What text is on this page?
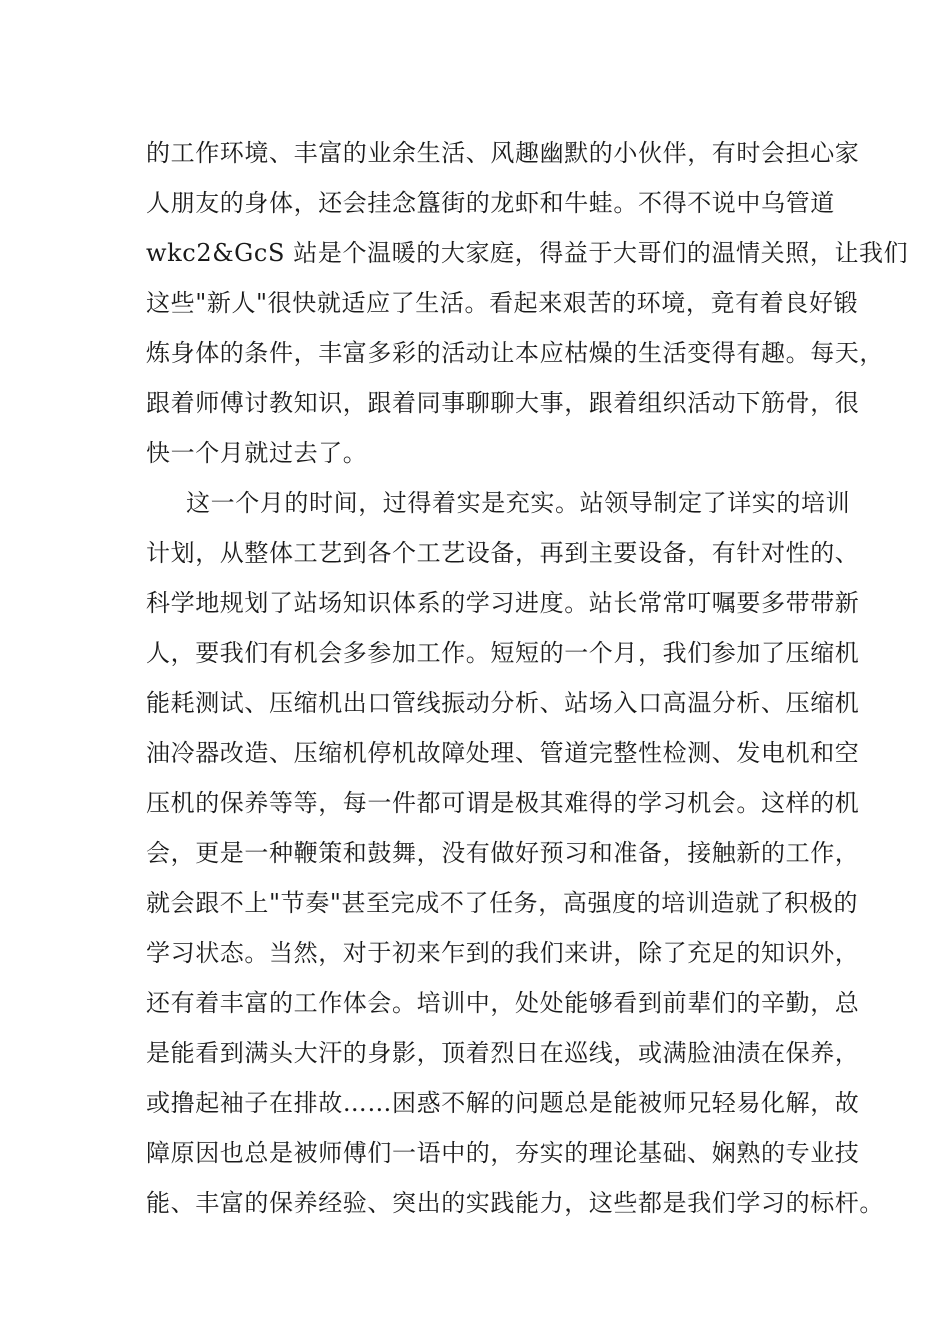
的工作环境、丰富的业余生活、风趣幽默的小伙伴，有时会担心家
人朋友的身体，还会挂念簋街的龙虾和牛蛙。不得不说中乌管道
wkc2&GcS 站是个温暖的大家庭，得益于大哥们的温情关照，让我们
这些"新人"很快就适应了生活。看起来艰苦的环境，竟有着良好锻
炼身体的条件，丰富多彩的活动让本应枯燥的生活变得有趣。每天，
跟着师傅讨教知识，跟着同事聊聊大事，跟着组织活动下筋骨，很
快一个月就过去了。
这一个月的时间，过得着实是充实。站领导制定了详实的培训
计划，从整体工艺到各个工艺设备，再到主要设备，有针对性的、
科学地规划了站场知识体系的学习进度。站长常常叮嘱要多带带新
人，要我们有机会多参加工作。短短的一个月，我们参加了压缩机
能耗测试、压缩机出口管线振动分析、站场入口高温分析、压缩机
油冷器改造、压缩机停机故障处理、管道完整性检测、发电机和空
压机的保养等等，每一件都可谓是极其难得的学习机会。这样的机
会，更是一种鞭策和鼓舞，没有做好预习和准备，接触新的工作，
就会跟不上"节奏"甚至完成不了任务，高强度的培训造就了积极的
学习状态。当然，对于初来乍到的我们来讲，除了充足的知识外，
还有着丰富的工作体会。培训中，处处能够看到前辈们的辛勤，总
是能看到满头大汗的身影，顶着烈日在巡线，或满脸油渍在保养，
或撸起袖子在排故……困惑不解的问题总是能被师兄轻易化解，故
障原因也总是被师傅们一语中的，夯实的理论基础、娴熟的专业技
能、丰富的保养经验、突出的实践能力，这些都是我们学习的标杆。
